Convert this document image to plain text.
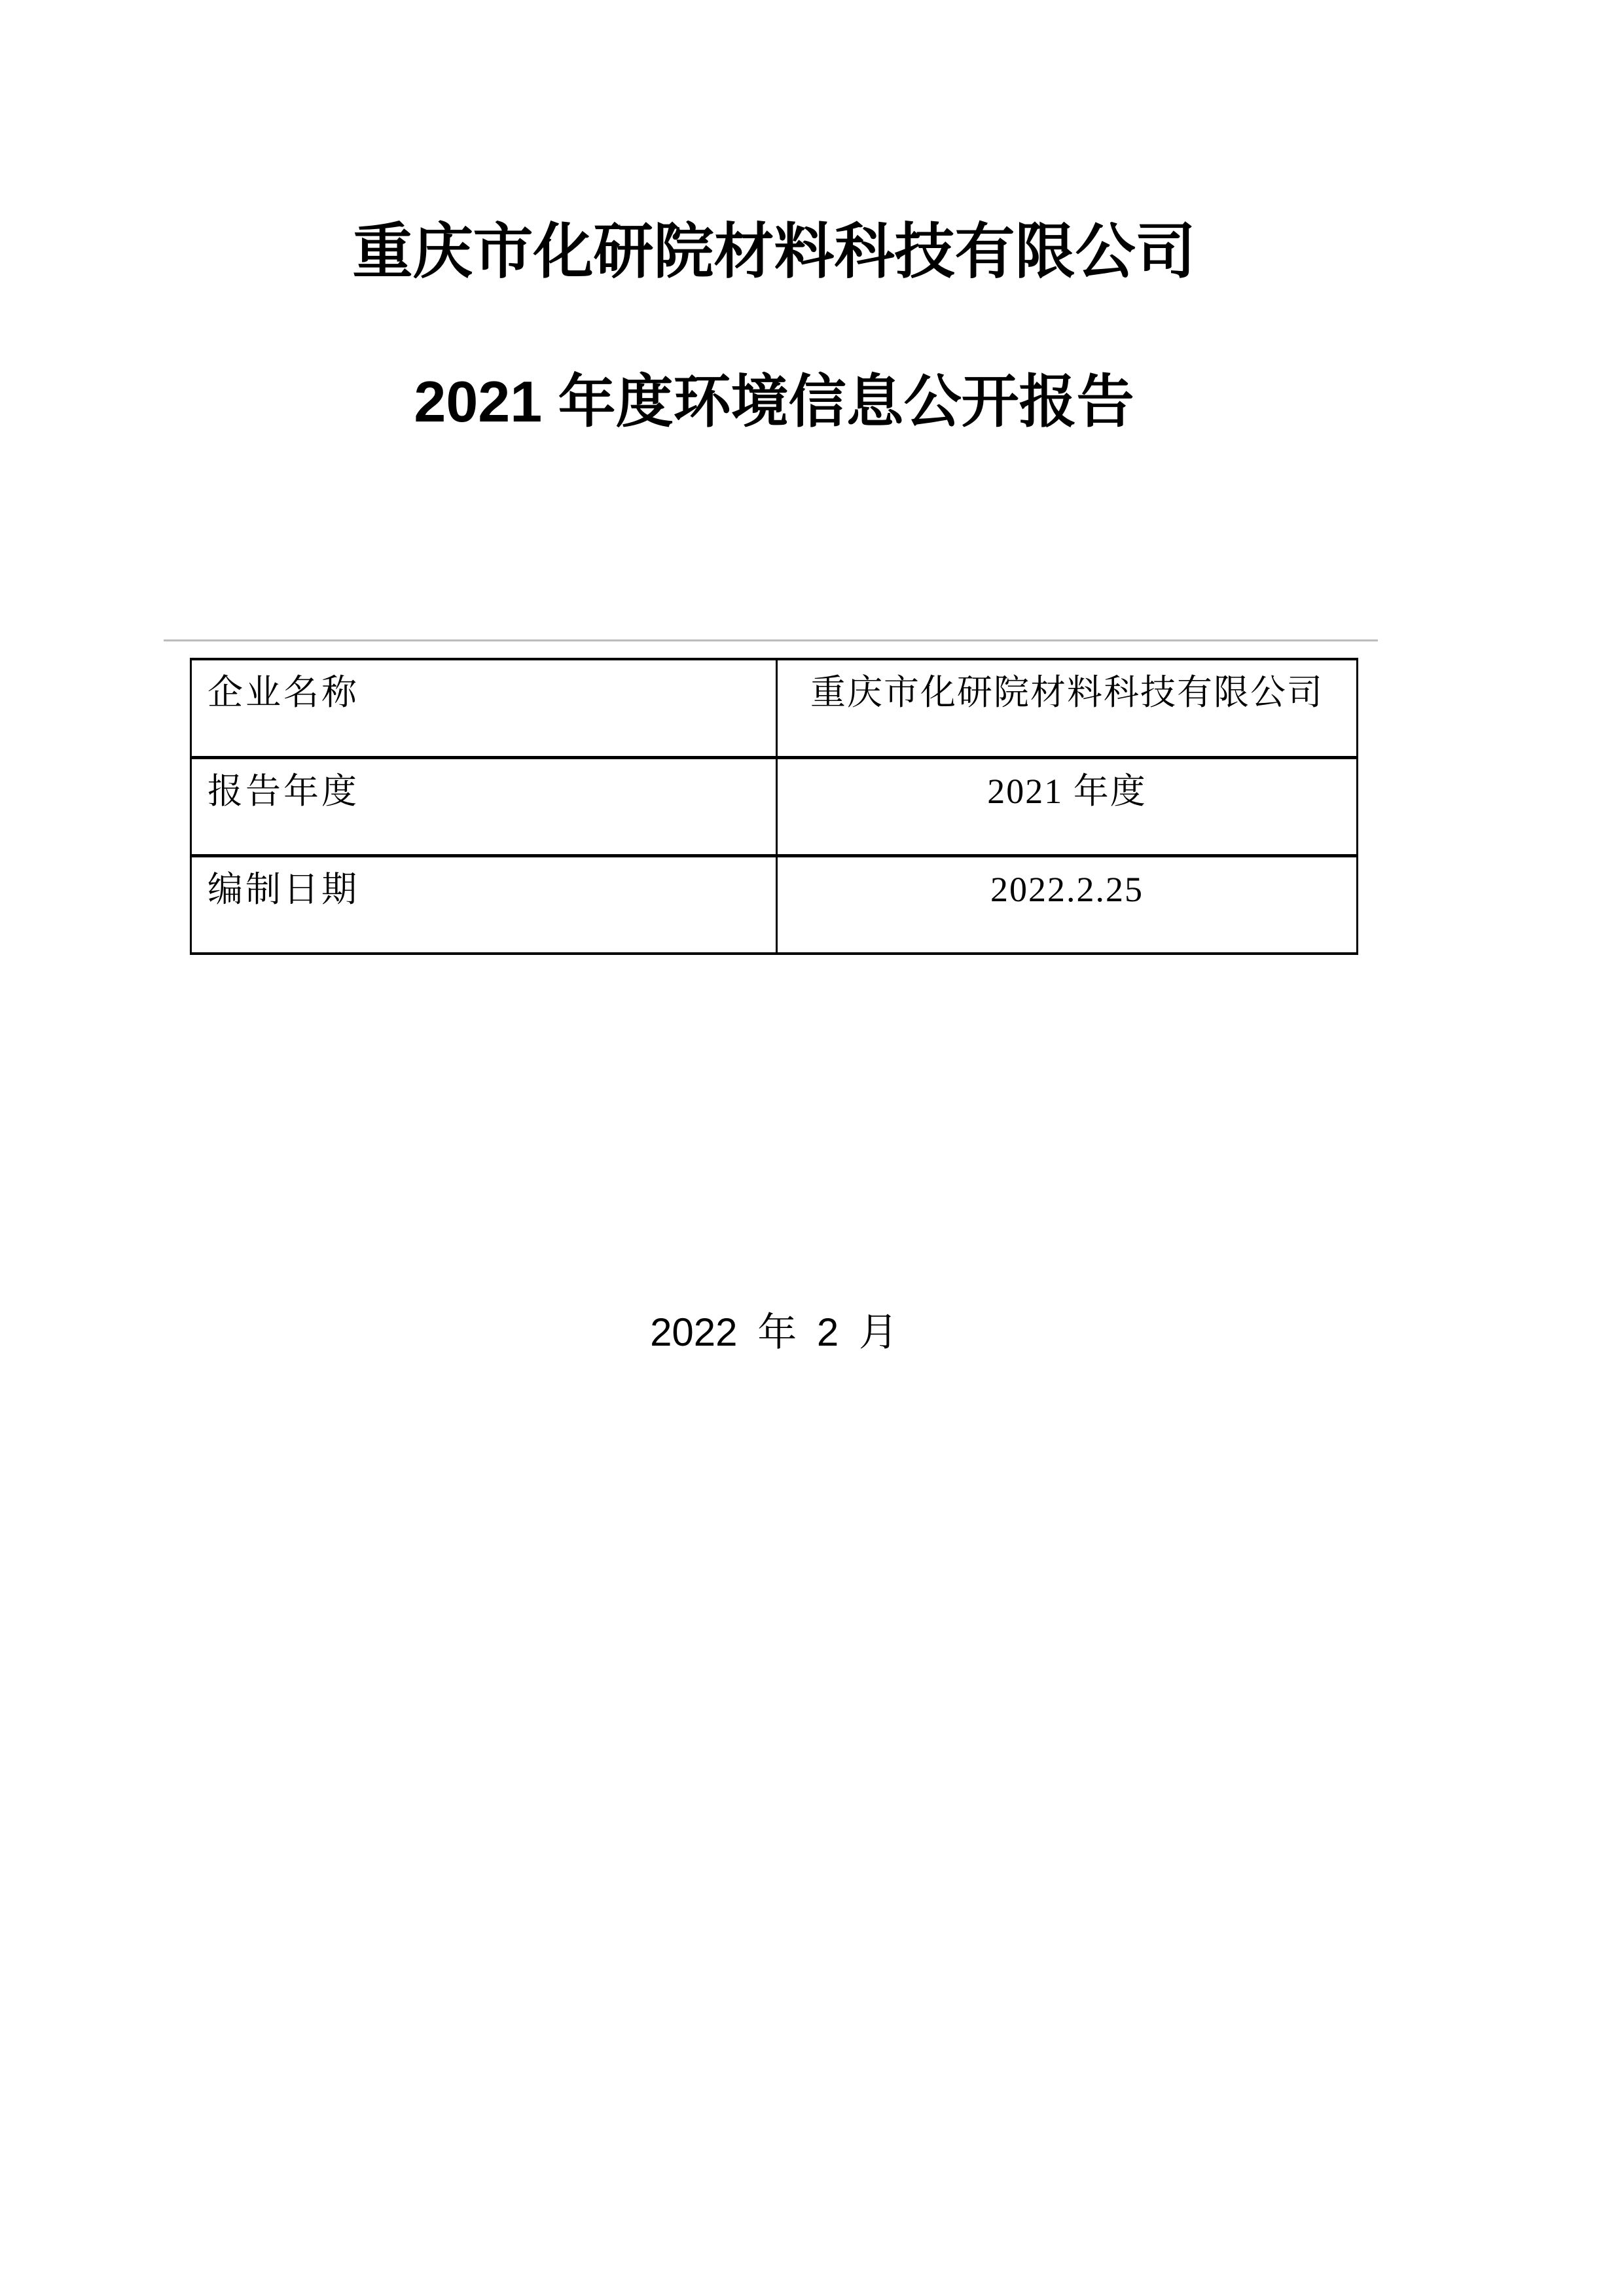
重庆市化研院材料科技有限公司
2021 年度环境信息公开报告
企业名称	重庆市化研院材料科技有限公司
报告年度	2021 年度
编制日期	2022.2.25
2022 年 2 月
